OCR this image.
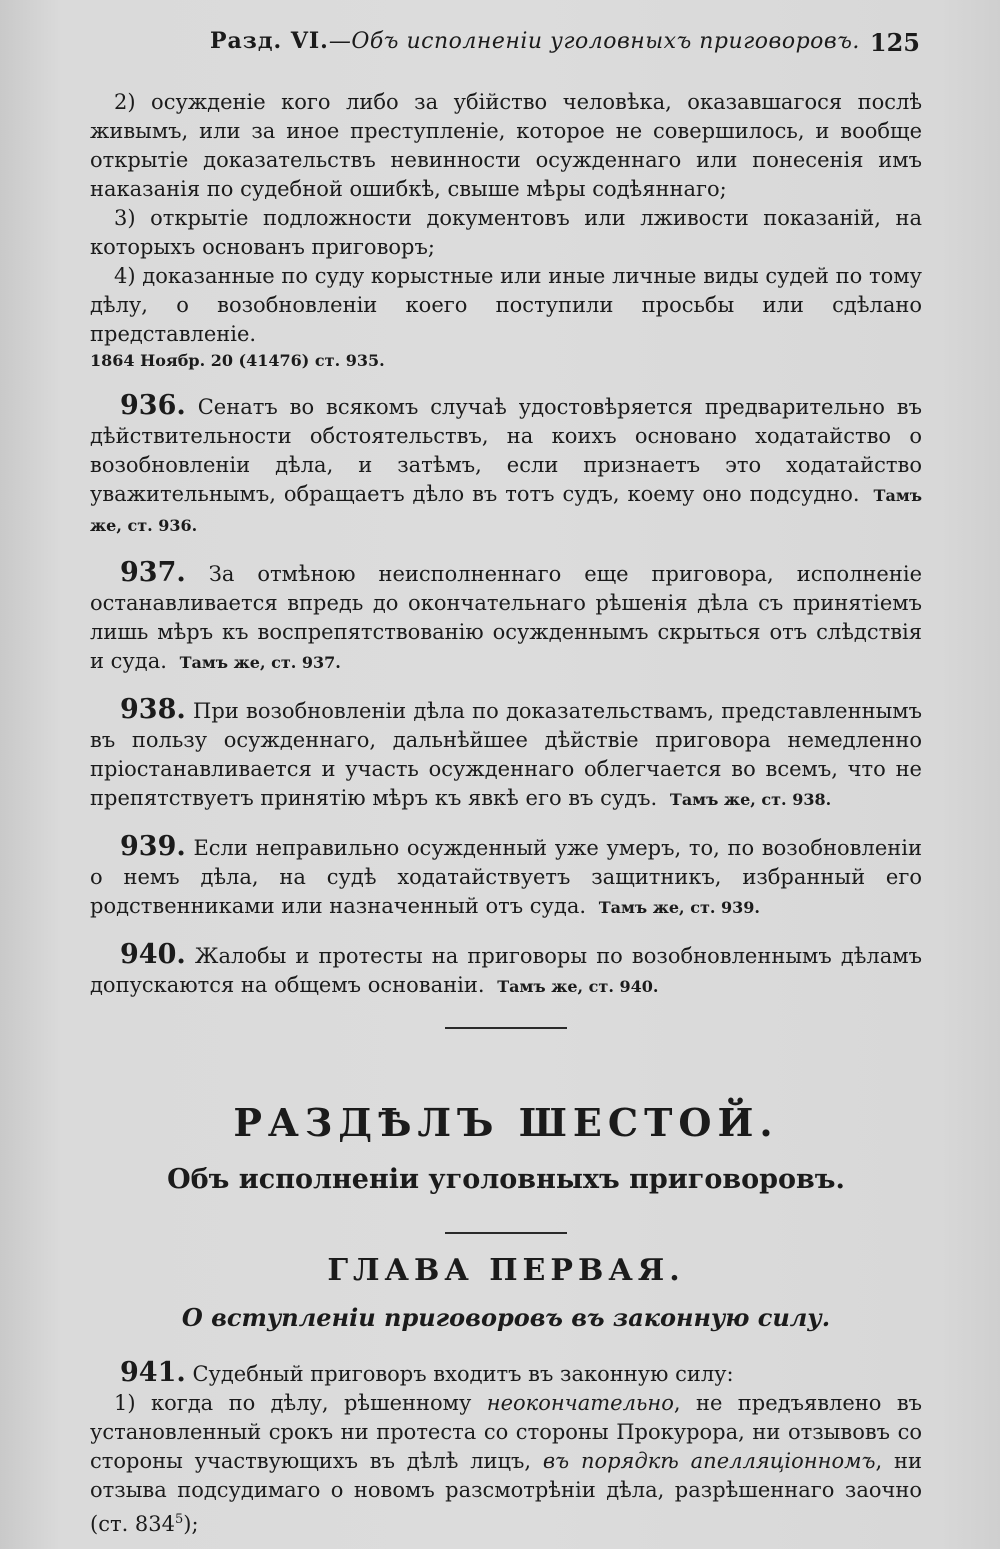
Разд. VI.—Объ исполненіи уголовныхъ приговоровъ. 125

2) осужденіе кого либо за убійство человѣка, оказавшагося послѣ живымъ, или за иное преступленіе, которое не совершилось, и вообще открытіе доказательствъ невинности осужденнаго или понесенія имъ наказанія по судебной ошибкѣ, свыше мѣры содѣяннаго;

3) открытіе подложности документовъ или лживости показаній, на которыхъ основанъ приговоръ;

4) доказанные по суду корыстные или иные личные виды судей по тому дѣлу, о возобновленіи коего поступили просьбы или сдѣлано представленіе.

1864 Ноябр. 20 (41476) ст. 935.

936. Сенатъ во всякомъ случаѣ удостовѣряется предварительно въ дѣйствительности обстоятельствъ, на коихъ основано ходатайство о возобновленіи дѣла, и затѣмъ, если признаетъ это ходатайство уважительнымъ, обращаетъ дѣло въ тотъ судъ, коему оно подсудно. Тамъ же, ст. 936.

937. За отмѣною неисполненнаго еще приговора, исполненіе останавливается впредь до окончательнаго рѣшенія дѣла съ принятіемъ лишь мѣръ къ воспрепятствованію осужденнымъ скрыться отъ слѣдствія и суда. Тамъ же, ст. 937.

938. При возобновленіи дѣла по доказательствамъ, представленнымъ въ пользу осужденнаго, дальнѣйшее дѣйствіе приговора немедленно пріостанавливается и участь осужденнаго облегчается во всемъ, что не препятствуетъ принятію мѣръ къ явкѣ его въ судъ. Тамъ же, ст. 938.

939. Если неправильно осужденный уже умеръ, то, по возобновленіи о немъ дѣла, на судѣ ходатайствуетъ защитникъ, избранный его родственниками или назначенный отъ суда. Тамъ же, ст. 939.

940. Жалобы и протесты на приговоры по возобновленнымъ дѣламъ допускаются на общемъ основаніи. Тамъ же, ст. 940.

РАЗДѢЛЪ ШЕСТОЙ.
Объ исполненіи уголовныхъ приговоровъ.
ГЛАВА ПЕРВАЯ.
О вступленіи приговоровъ въ законную силу.

941. Судебный приговоръ входитъ въ законную силу:

1) когда по дѣлу, рѣшенному неокончательно, не предъявлено въ установленный срокъ ни протеста со стороны Прокурора, ни отзывовъ со стороны участвующихъ въ дѣлѣ лицъ, въ порядкѣ апелляціонномъ, ни отзыва подсудимаго о новомъ разсмотрѣніи дѣла, разрѣшеннаго заочно (ст. $834^5$);
